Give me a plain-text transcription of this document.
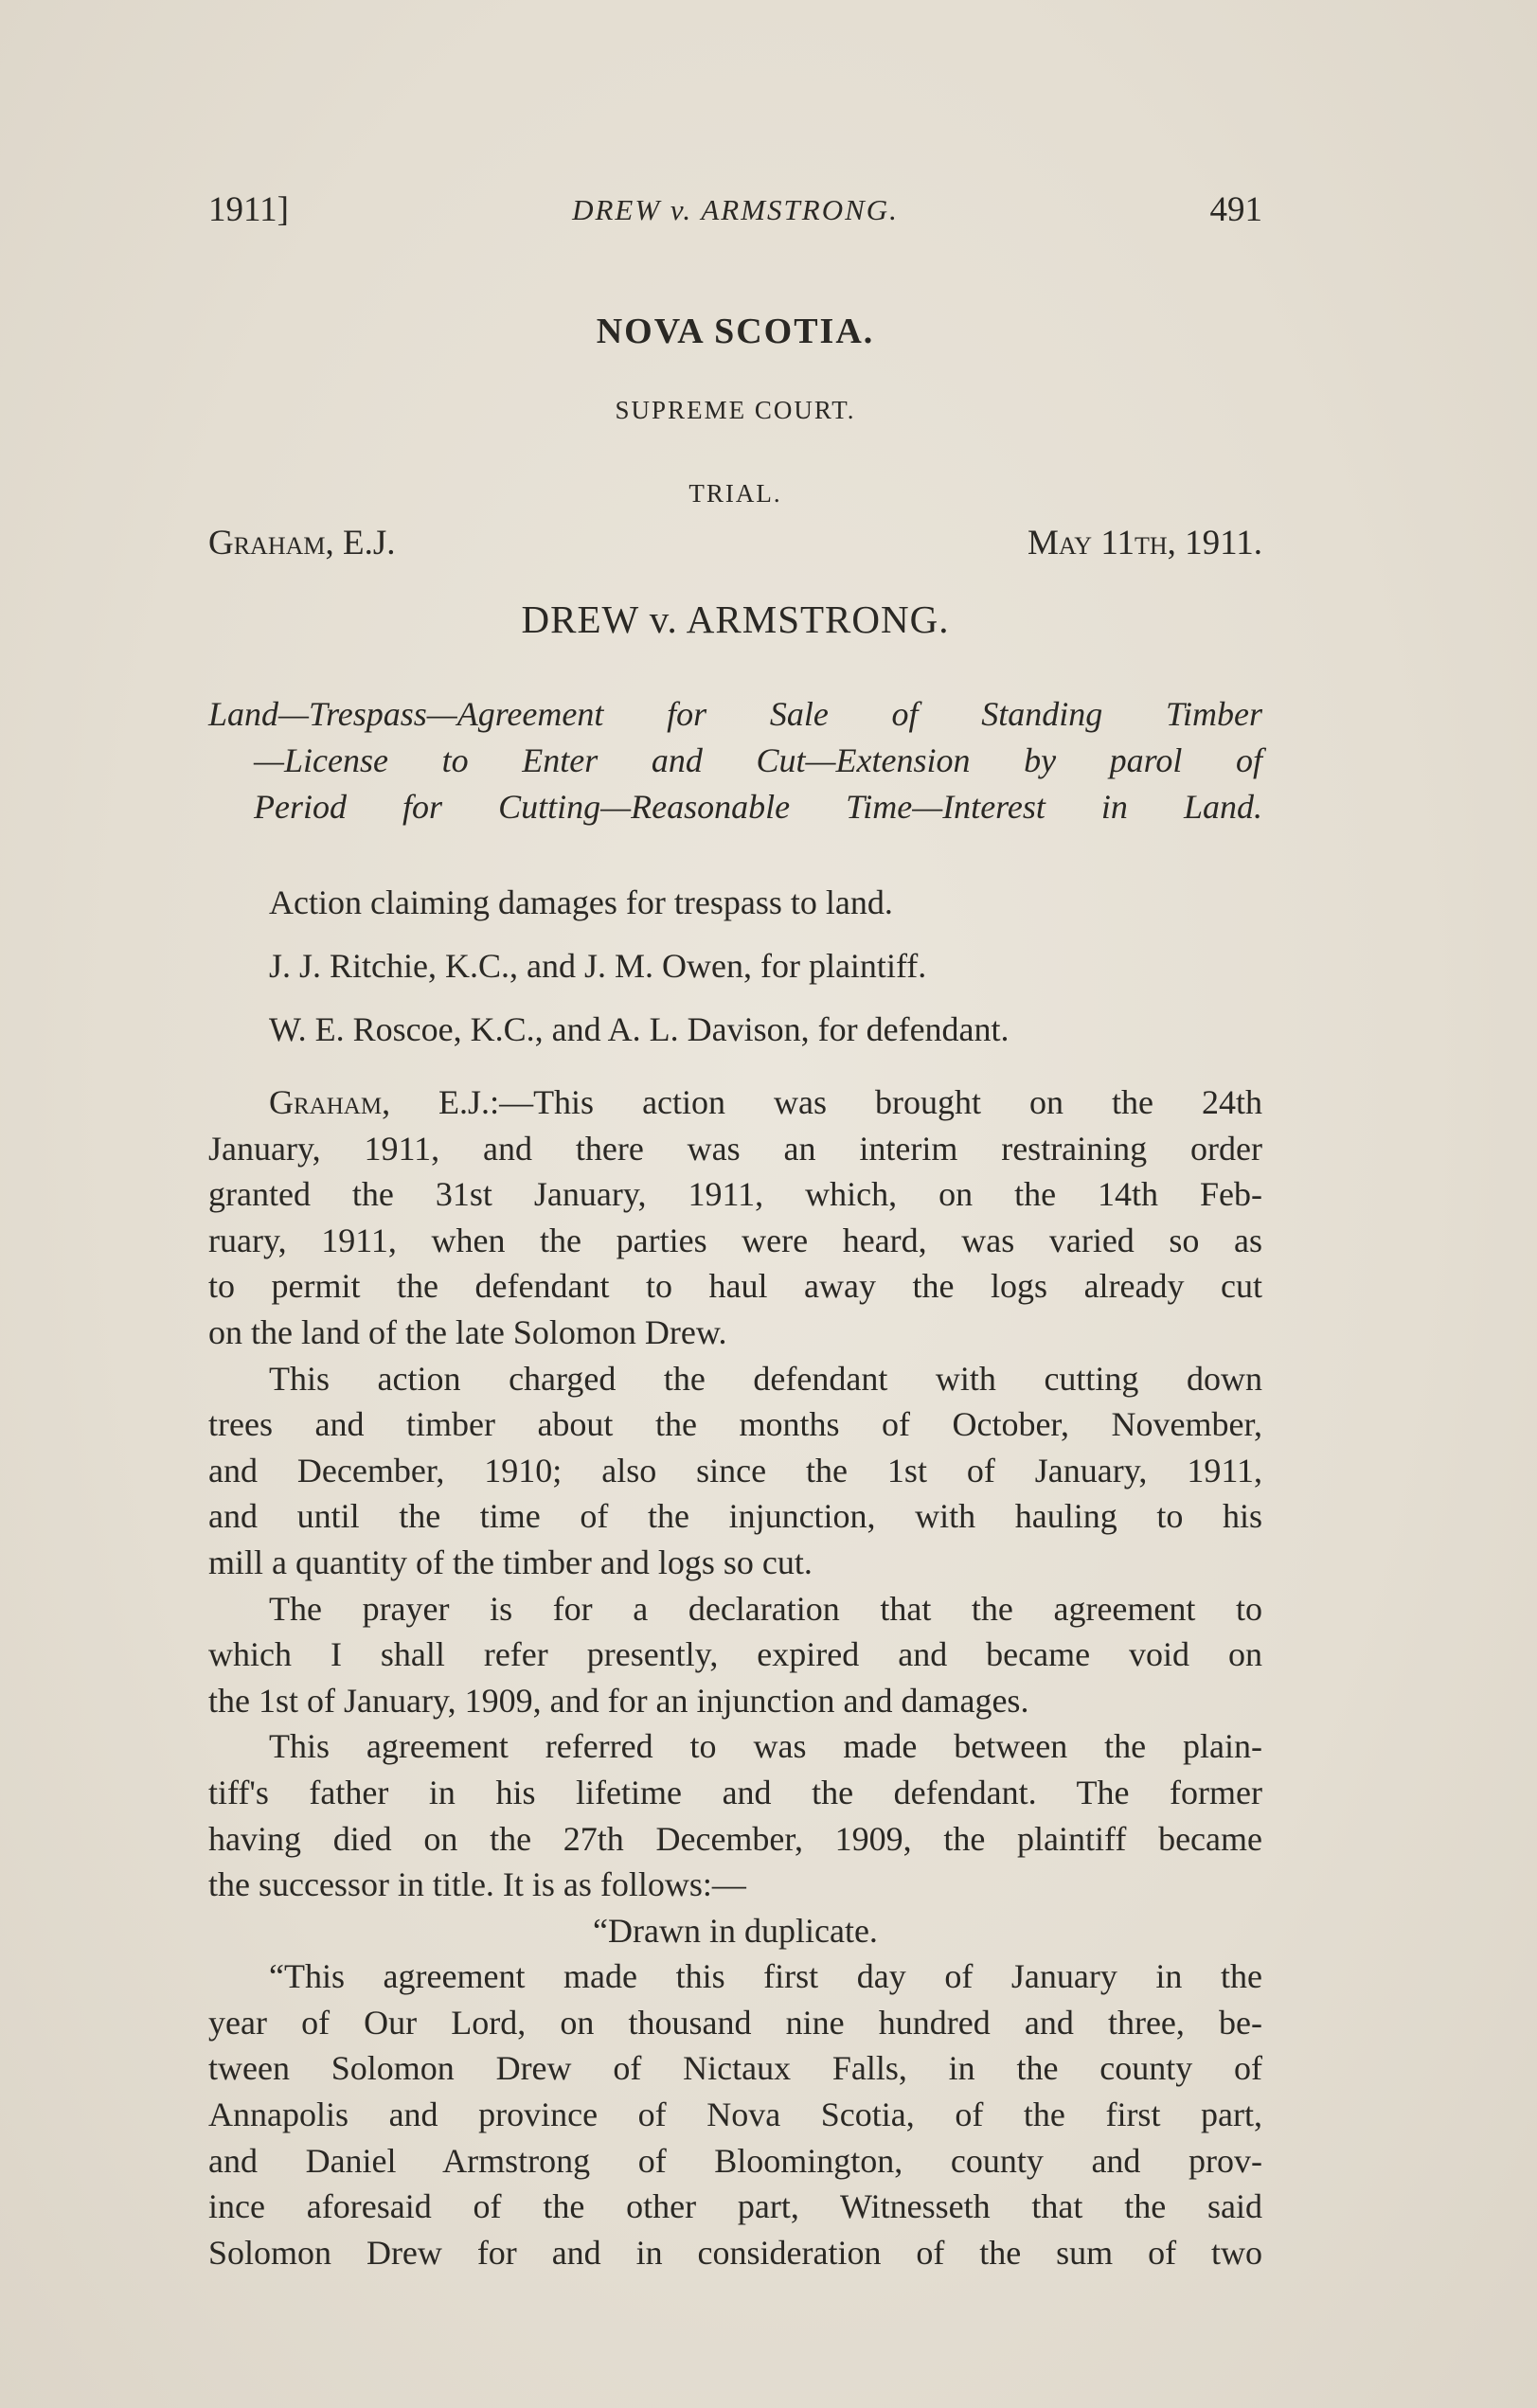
1911]	DREW v. ARMSTRONG.	491
NOVA SCOTIA.
SUPREME COURT.
TRIAL.
Graham, E.J.	May 11th, 1911.
DREW v. ARMSTRONG.
Land—Trespass—Agreement for Sale of Standing Timber
—License to Enter and Cut—Extension by parol of
Period for Cutting—Reasonable Time—Interest in Land.
Action claiming damages for trespass to land.
J. J. Ritchie, K.C., and J. M. Owen, for plaintiff.
W. E. Roscoe, K.C., and A. L. Davison, for defendant.

Graham, E.J.:—This action was brought on the 24th

January, 1911, and there was an interim restraining order
granted the 31st January, 1911, which, on the 14th Feb-
ruary, 1911, when the parties were heard, was varied so as
to permit the defendant to haul away the logs already cut
on the land of the late Solomon Drew.

This action charged the defendant with cutting down

trees and timber about the months of October, November,
and December, 1910; also since the 1st of January, 1911,
and until the time of the injunction, with hauling to his
mill a quantity of the timber and logs so cut.

The prayer is for a declaration that the agreement to

which I shall refer presently, expired and became void on
the 1st of January, 1909, and for an injunction and damages.

This agreement referred to was made between the plain-

tiff's father in his lifetime and the defendant. The former
having died on the 27th December, 1909, the plaintiff became
the successor in title. It is as follows:—

“Drawn in duplicate.

“This agreement made this first day of January in the

year of Our Lord, on thousand nine hundred and three, be-
tween Solomon Drew of Nictaux Falls, in the county of
Annapolis and province of Nova Scotia, of the first part,
and Daniel Armstrong of Bloomington, county and prov-
ince aforesaid of the other part, Witnesseth that the said
Solomon Drew for and in consideration of the sum of two
